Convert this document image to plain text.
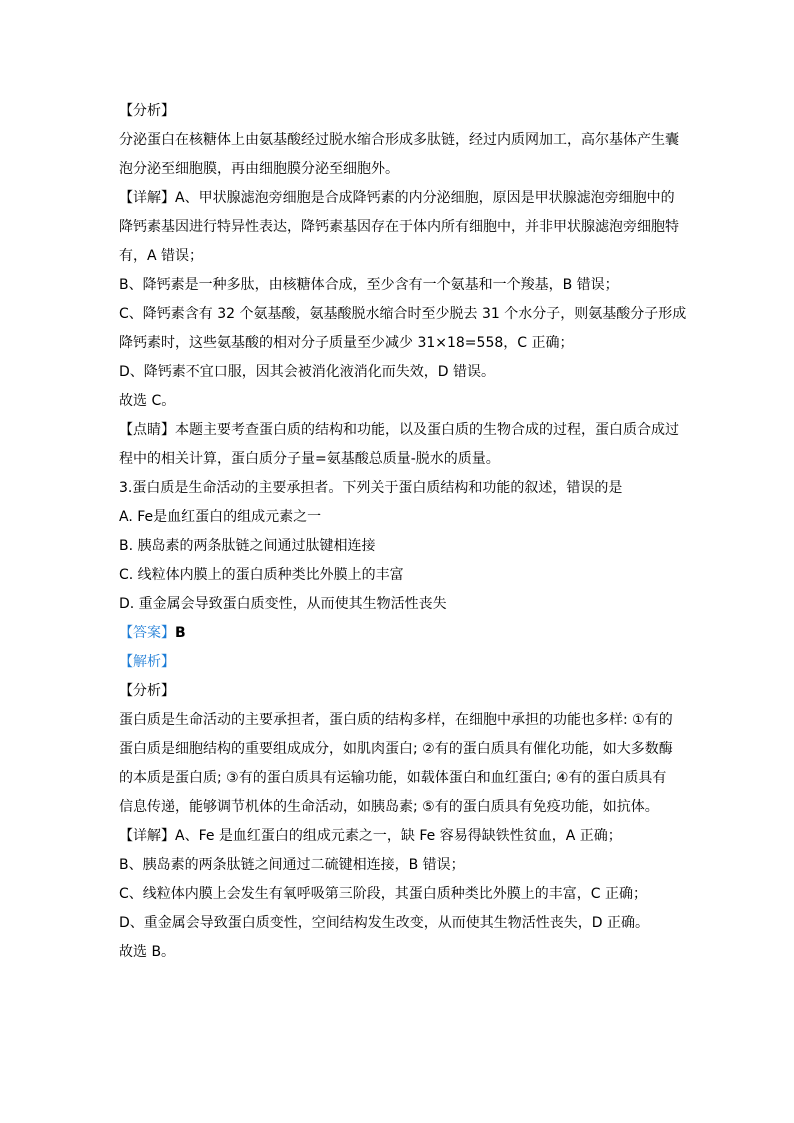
【分析】
分泌蛋白在核糖体上由氨基酸经过脱水缩合形成多肽链，经过内质网加工，高尔基体产生囊
泡分泌至细胞膜，再由细胞膜分泌至细胞外。
【详解】A、甲状腺滤泡旁细胞是合成降钙素的内分泌细胞，原因是甲状腺滤泡旁细胞中的
降钙素基因进行特异性表达，降钙素基因存在于体内所有细胞中，并非甲状腺滤泡旁细胞特
有，A 错误；
B、降钙素是一种多肽，由核糖体合成，至少含有一个氨基和一个羧基，B 错误；
C、降钙素含有 32 个氨基酸，氨基酸脱水缩合时至少脱去 31 个水分子，则氨基酸分子形成
降钙素时，这些氨基酸的相对分子质量至少减少 31×18=558，C 正确；
D、降钙素不宜口服，因其会被消化液消化而失效，D 错误。
故选 C。
【点睛】本题主要考查蛋白质的结构和功能，以及蛋白质的生物合成的过程，蛋白质合成过
程中的相关计算，蛋白质分子量=氨基酸总质量-脱水的质量。
3.蛋白质是生命活动的主要承担者。下列关于蛋白质结构和功能的叙述，错误的是
A. Fe是血红蛋白的组成元素之一
B. 胰岛素的两条肽链之间通过肽键相连接
C. 线粒体内膜上的蛋白质种类比外膜上的丰富
D. 重金属会导致蛋白质变性，从而使其生物活性丧失
【答案】B
【解析】
【分析】
蛋白质是生命活动的主要承担者，蛋白质的结构多样，在细胞中承担的功能也多样: ①有的
蛋白质是细胞结构的重要组成成分，如肌肉蛋白; ②有的蛋白质具有催化功能，如大多数酶
的本质是蛋白质; ③有的蛋白质具有运输功能，如载体蛋白和血红蛋白; ④有的蛋白质具有
信息传递，能够调节机体的生命活动，如胰岛素; ⑤有的蛋白质具有免疫功能，如抗体。
【详解】A、Fe 是血红蛋白的组成元素之一，缺 Fe 容易得缺铁性贫血，A 正确；
B、胰岛素的两条肽链之间通过二硫键相连接，B 错误；
C、线粒体内膜上会发生有氧呼吸第三阶段，其蛋白质种类比外膜上的丰富，C 正确；
D、重金属会导致蛋白质变性，空间结构发生改变，从而使其生物活性丧失，D 正确。
故选 B。
